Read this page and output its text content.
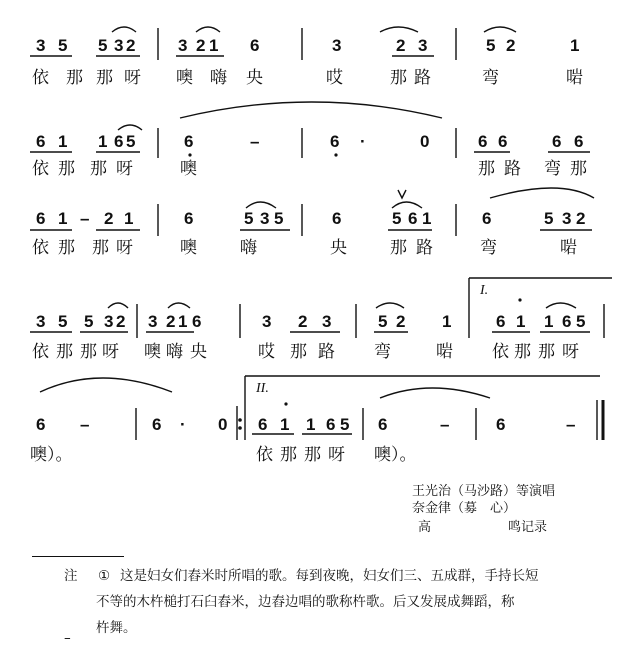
3 5 5 3 2	3 2 1 6	3	2 3	5 2	1
6 1 1 6 5	6	–	6 ·	0	6 6	6 6
6 1 – 2 1	6	5 3 5	6	5 6 1	6	5 3 2
3 5 5 3 2 3 2 1 6	3 2 3	5 2 1	6 1 1 6 5
6 –	6 · 0 6 1 1 6 5 6	–	6	–
I.
II.
依 那 那 呀 噢 嗨 央	哎	那 路	弯	啱
依 那 那 呀	噢	那 路 弯 那
依 那 那 呀	噢	嗨	央	那 路	弯	啱
依 那 那 呀 噢 嗨 央	哎 那 路 弯	啱 依 那 那 呀
噢）。	依 那 那 呀 噢）。
王光治（马沙路）等演唱
奈金律（募　心）
高	鸣记录
注 ① 这是妇女们舂米时所唱的歌。每到夜晚，妇女们三、五成群，手持长短
不等的木杵槌打石臼舂米，边舂边唱的歌称杵歌。后又发展成舞蹈，称
杵舞。
–
